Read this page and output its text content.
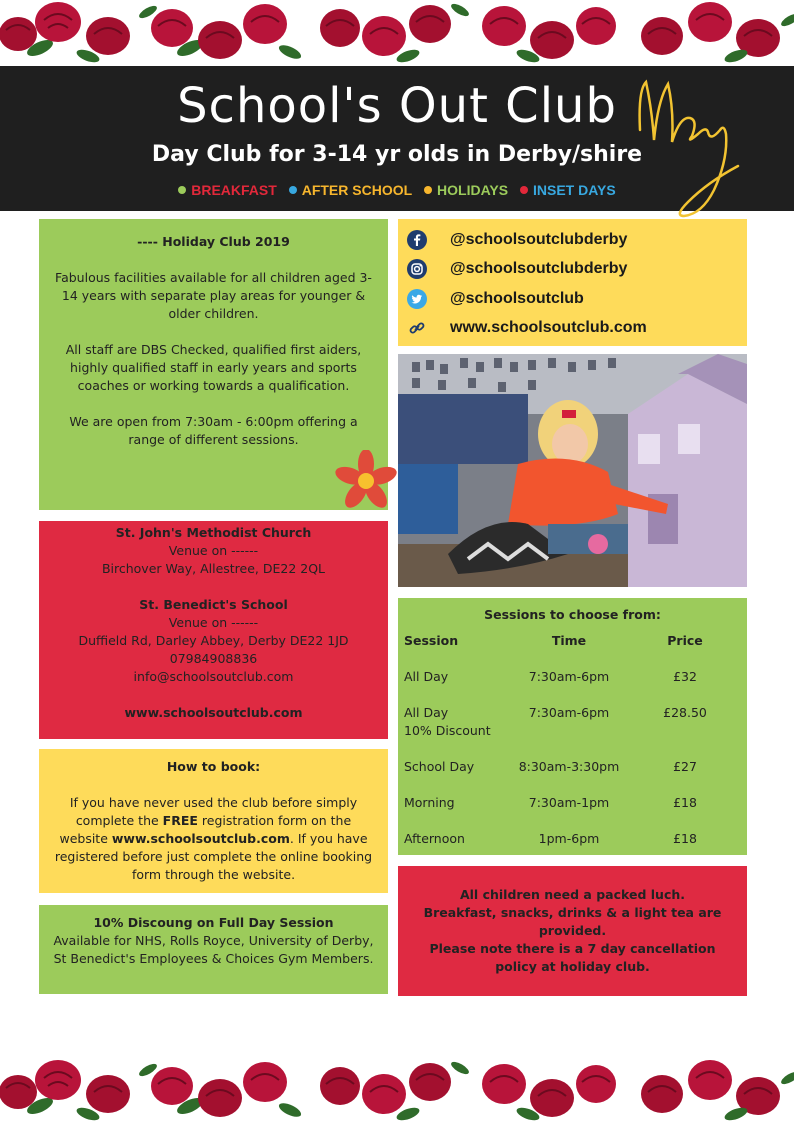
School's Out Club
Day Club for 3-14 yr olds in Derby/shire
BREAKFAST AFTER SCHOOL HOLIDAYS INSET DAYS
---- Holiday Club 2019

Fabulous facilities available for all children aged 3-14 years with separate play areas for younger & older children.

All staff are DBS Checked, qualified first aiders, highly qualified staff in early years and sports coaches or working towards a qualification.

We are open from 7:30am - 6:00pm offering a range of different sessions.

St. John's Methodist Church
Venue on ------
Birchover Way, Allestree, DE22 2QL
St. Benedict's School
Venue on ------
Duffield Rd, Darley Abbey, Derby DE22 1JD
07984908836
info@schoolsoutclub.com
www.schoolsoutclub.com
How to book:

If you have never used the club before simply complete the FREE registration form on the website www.schoolsoutclub.com. If you have registered before just complete the online booking form through the website.

10% Discoung on Full Day Session
Available for NHS, Rolls Royce, University of Derby, St Benedict's Employees & Choices Gym Members.
@schoolsoutclubderby
@schoolsoutclubderby
@schoolsoutclub
www.schoolsoutclub.com
Sessions to choose from:
Session	Time	Price
All Day	7:30am-6pm	£32
All Day
10% Discount	7:30am-6pm	£28.50
School Day	8:30am-3:30pm	£27
Morning	7:30am-1pm	£18
Afternoon	1pm-6pm	£18
All children need a packed luch.
Breakfast, snacks, drinks & a light tea are provided.
Please note there is a 7 day cancellation policy at holiday club.
